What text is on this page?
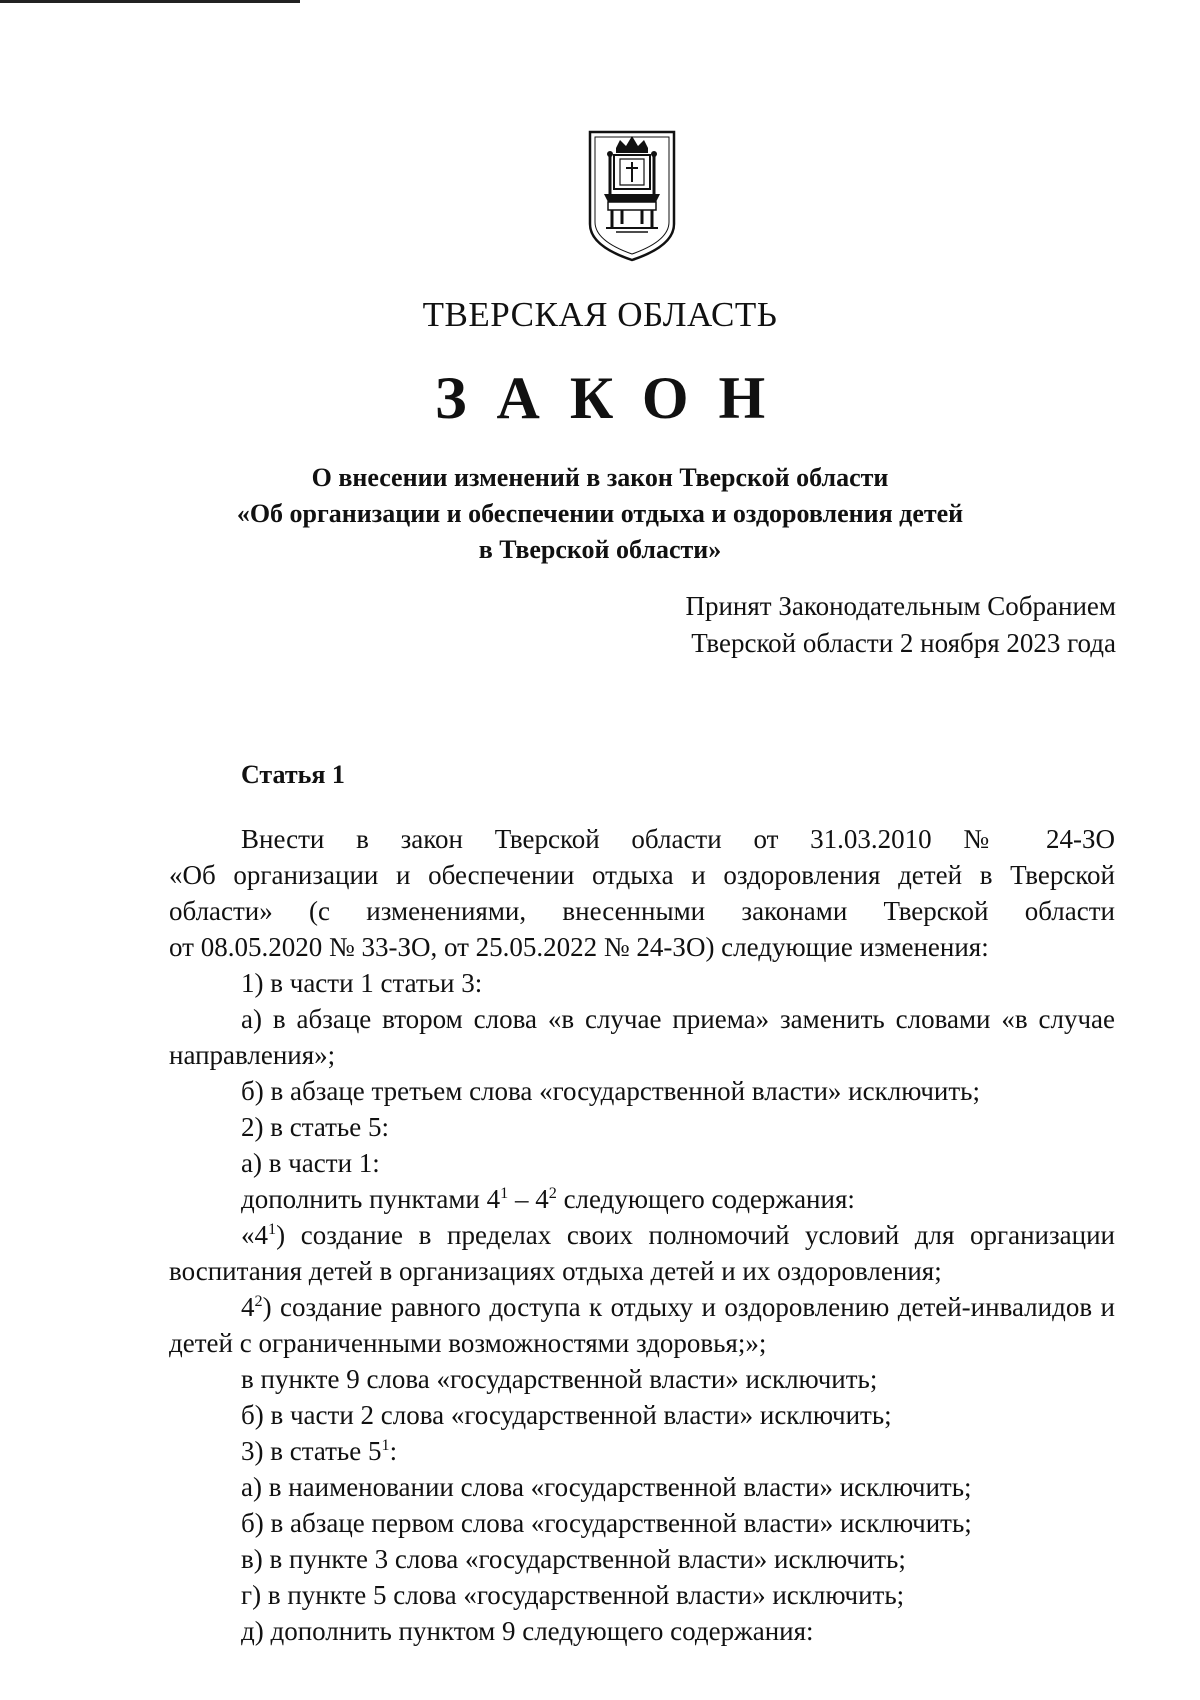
ТВЕРСКАЯ ОБЛАСТЬ
ЗАКОН
О внесении изменений в закон Тверской области
«Об организации и обеспечении отдыха и оздоровления детей
в Тверской области»
Принят Законодательным Собранием
Тверской области 2 ноября 2023 года
Статья 1

Внести в закон Тверской области от 31.03.2010 № 24-ЗО

«Об организации и обеспечении отдыха и оздоровления детей в Тверской

области» (с изменениями, внесенными законами Тверской области

от 08.05.2020 № 33-ЗО, от 25.05.2022 № 24-ЗО) следующие изменения:

1) в части 1 статьи 3:

а) в абзаце втором слова «в случае приема» заменить словами «в случае направления»;

б) в абзаце третьем слова «государственной власти» исключить;

2) в статье 5:

а) в части 1:

дополнить пунктами $4^1 - 4^2$ следующего содержания:

«$4^1$) создание в пределах своих полномочий условий для организации воспитания детей в организациях отдыха детей и их оздоровления;

$4^2$) создание равного доступа к отдыху и оздоровлению детей-инвалидов и детей с ограниченными возможностями здоровья;»;

в пункте 9 слова «государственной власти» исключить;

б) в части 2 слова «государственной власти» исключить;

3) в статье $5^1$:

а) в наименовании слова «государственной власти» исключить;

б) в абзаце первом слова «государственной власти» исключить;

в) в пункте 3 слова «государственной власти» исключить;

г) в пункте 5 слова «государственной власти» исключить;

д) дополнить пунктом 9 следующего содержания:
